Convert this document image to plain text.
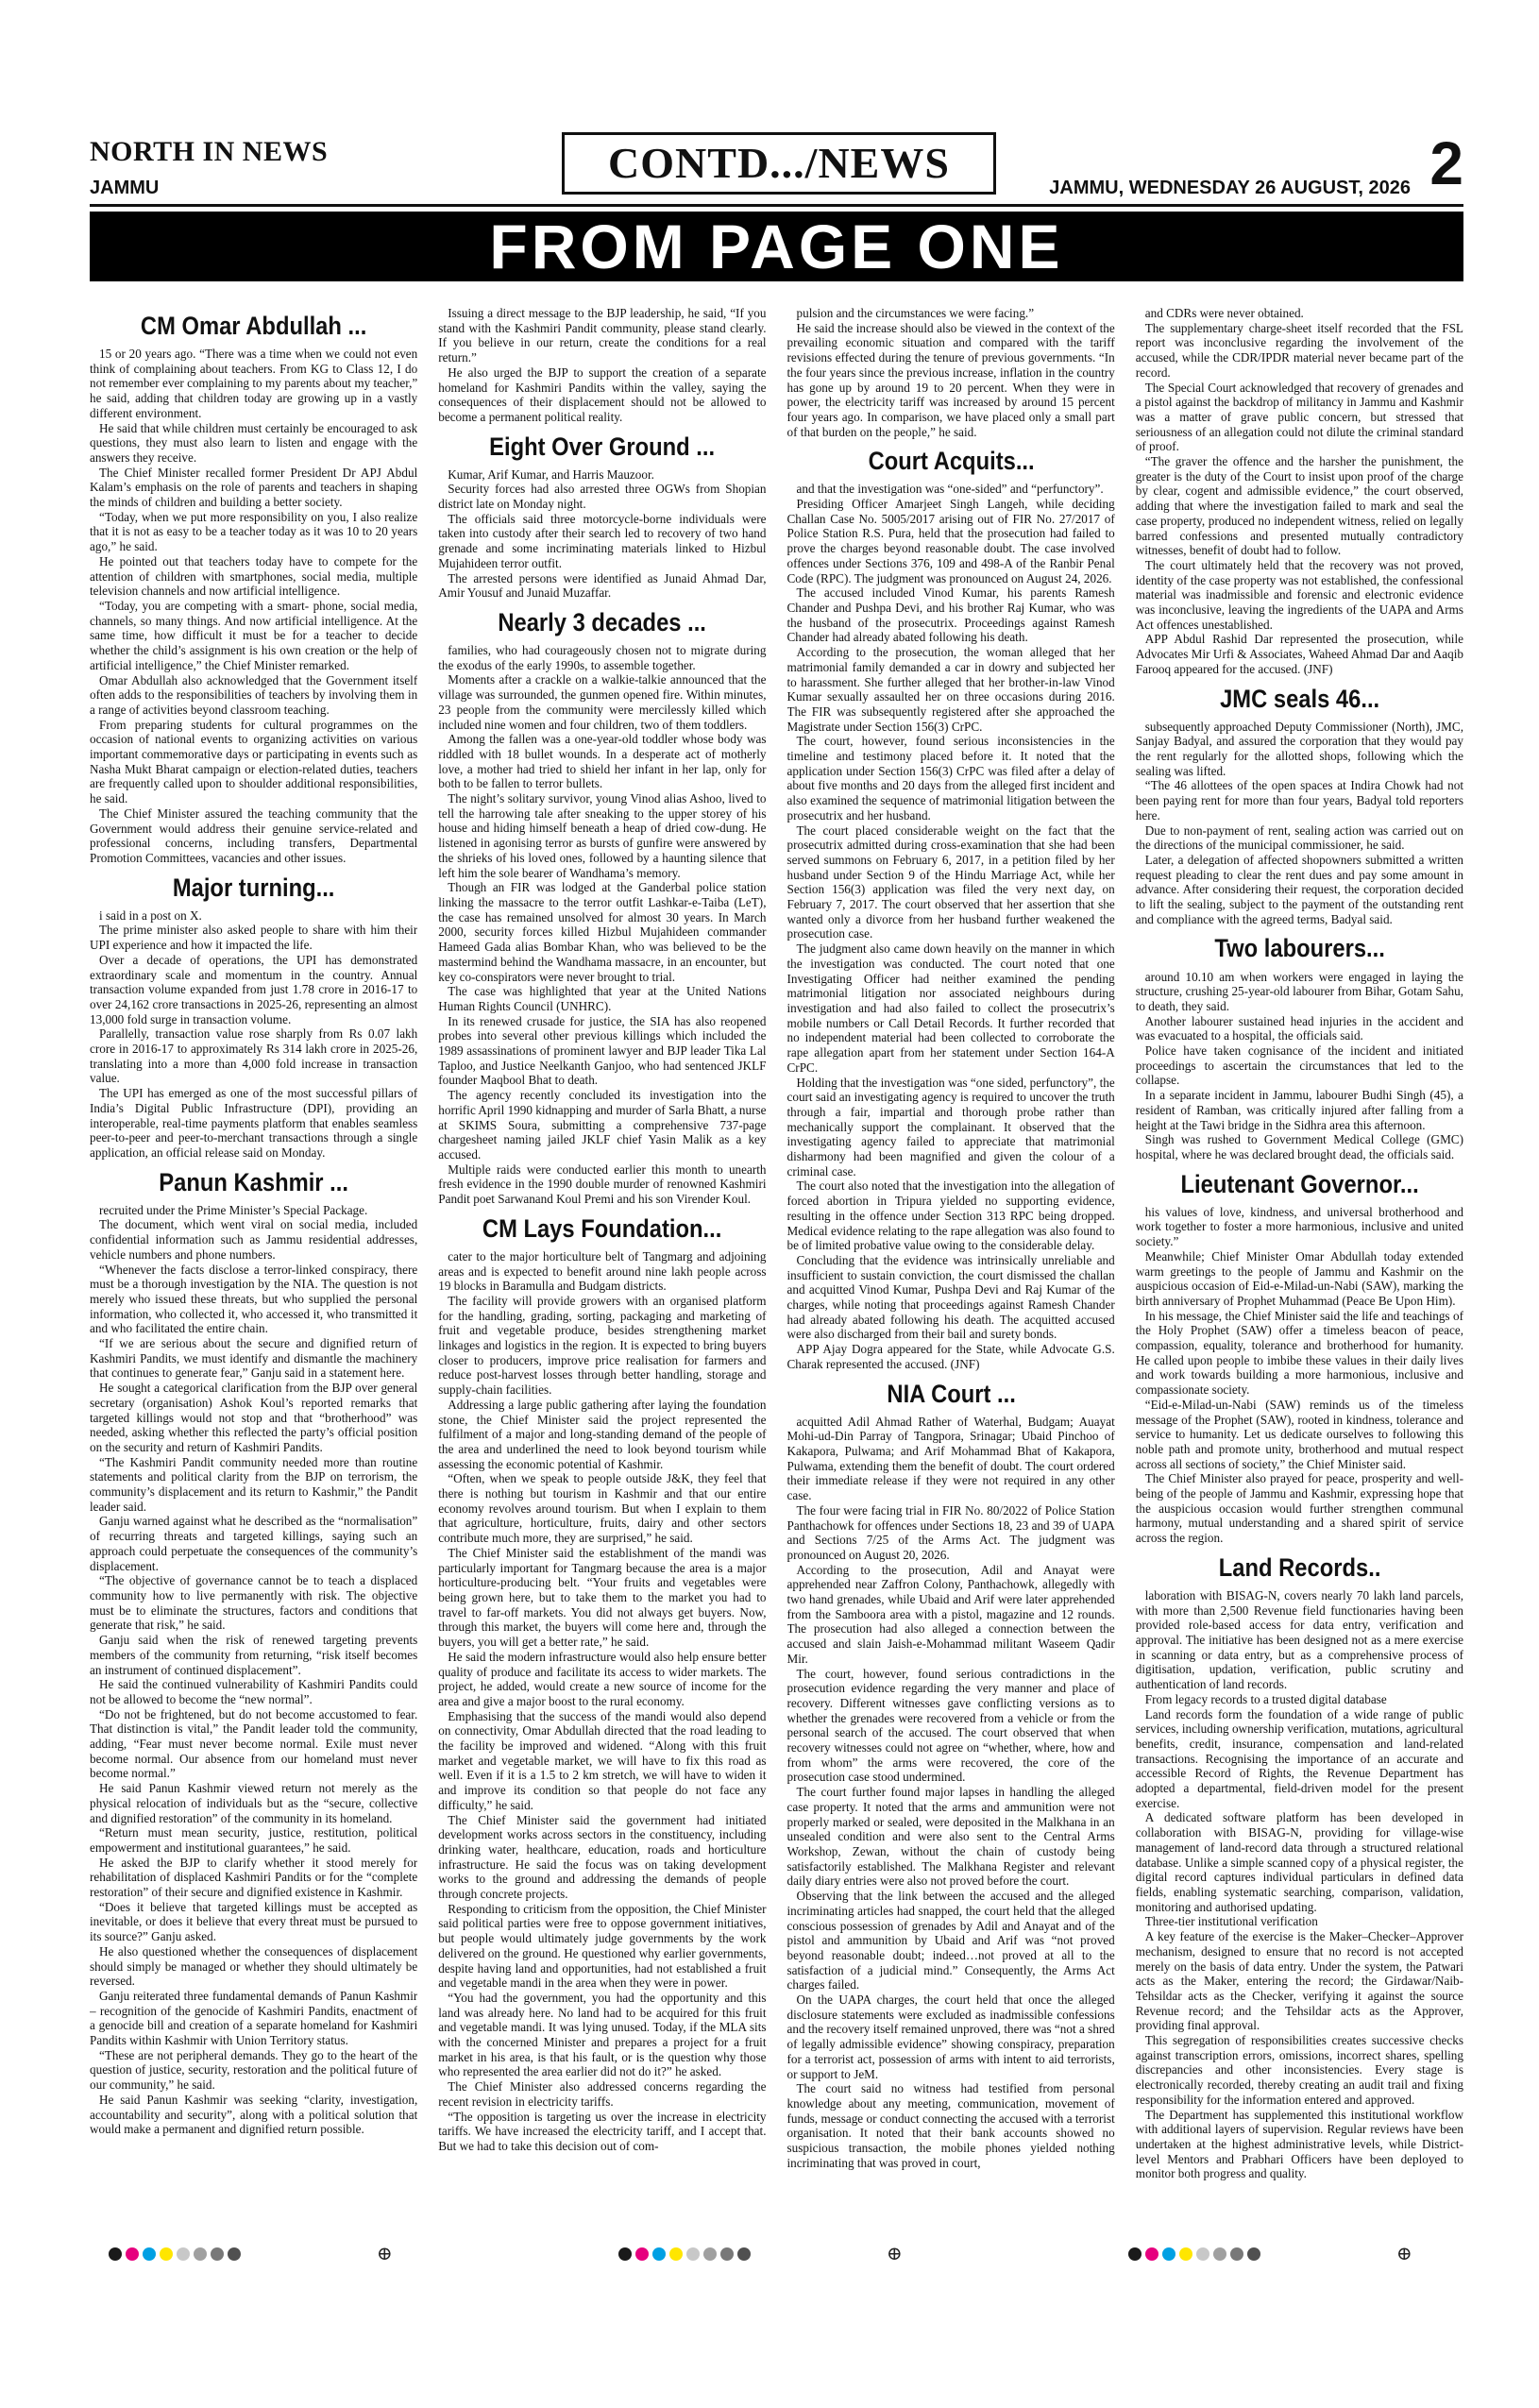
NORTH IN NEWS
JAMMU
CONTD.../NEWS
JAMMU, WEDNESDAY 26 AUGUST, 2026 2
FROM PAGE ONE
CM Omar Abdullah ...

15 or 20 years ago. “There was a time when we could not even think of complaining about teachers. From KG to Class 12, I do not remember ever complaining to my parents about my teacher,” he said, adding that children today are growing up in a vastly different environment.

He said that while children must certainly be encouraged to ask questions, they must also learn to listen and engage with the answers they receive.

The Chief Minister recalled former President Dr APJ Abdul Kalam’s emphasis on the role of parents and teachers in shaping the minds of children and building a better society.

“Today, when we put more responsibility on you, I also realize that it is not as easy to be a teacher today as it was 10 to 20 years ago,” he said.

He pointed out that teachers today have to compete for the attention of children with smartphones, social media, multiple television channels and now artificial intelligence.

“Today, you are competing with a smart- phone, social media, channels, so many things. And now artificial intelligence. At the same time, how difficult it must be for a teacher to decide whether the child’s assignment is his own creation or the help of artificial intelligence,” the Chief Minister remarked.

Omar Abdullah also acknowledged that the Government itself often adds to the responsibilities of teachers by involving them in a range of activities beyond classroom teaching.

From preparing students for cultural programmes on the occasion of national events to organizing activities on various important commemorative days or participating in events such as Nasha Mukt Bharat campaign or election-related duties, teachers are frequently called upon to shoulder additional responsibilities, he said.

The Chief Minister assured the teaching community that the Government would address their genuine service-related and professional concerns, including transfers, Departmental Promotion Committees, vacancies and other issues.

Major turning...

i said in a post on X.

The prime minister also asked people to share with him their UPI experience and how it impacted the life.

Over a decade of operations, the UPI has demonstrated extraordinary scale and momentum in the country. Annual transaction volume expanded from just 1.78 crore in 2016-17 to over 24,162 crore transactions in 2025-26, representing an almost 13,000 fold surge in transaction volume.

Parallelly, transaction value rose sharply from Rs 0.07 lakh crore in 2016-17 to approximately Rs 314 lakh crore in 2025-26, translating into a more than 4,000 fold increase in transaction value.

The UPI has emerged as one of the most successful pillars of India’s Digital Public Infrastructure (DPI), providing an interoperable, real-time payments platform that enables seamless peer-to-peer and peer-to-merchant transactions through a single application, an official release said on Monday.

Panun Kashmir ...

recruited under the Prime Minister’s Special Package.

The document, which went viral on social media, included confidential information such as Jammu residential addresses, vehicle numbers and phone numbers.

“Whenever the facts disclose a terror-linked conspiracy, there must be a thorough investigation by the NIA. The question is not merely who issued these threats, but who supplied the personal information, who collected it, who accessed it, who transmitted it and who facilitated the entire chain.

“If we are serious about the secure and dignified return of Kashmiri Pandits, we must identify and dismantle the machinery that continues to generate fear,” Ganju said in a statement here.

He sought a categorical clarification from the BJP over general secretary (organisation) Ashok Koul’s reported remarks that targeted killings would not stop and that “brotherhood” was needed, asking whether this reflected the party’s official position on the security and return of Kashmiri Pandits.

“The Kashmiri Pandit community needed more than routine statements and political clarity from the BJP on terrorism, the community’s displacement and its return to Kashmir,” the Pandit leader said.

Ganju warned against what he described as the “normalisation” of recurring threats and targeted killings, saying such an approach could perpetuate the consequences of the community’s displacement.

“The objective of governance cannot be to teach a displaced community how to live permanently with risk. The objective must be to eliminate the structures, factors and conditions that generate that risk,” he said.

Ganju said when the risk of renewed targeting prevents members of the community from returning, “risk itself becomes an instrument of continued displacement”.

He said the continued vulnerability of Kashmiri Pandits could not be allowed to become the “new normal”.

“Do not be frightened, but do not become accustomed to fear. That distinction is vital,” the Pandit leader told the community, adding, “Fear must never become normal. Exile must never become normal. Our absence from our homeland must never become normal.”

He said Panun Kashmir viewed return not merely as the physical relocation of individuals but as the “secure, collective and dignified restoration” of the community in its homeland.

“Return must mean security, justice, restitution, political empowerment and institutional guarantees,” he said.

He asked the BJP to clarify whether it stood merely for rehabilitation of displaced Kashmiri Pandits or for the “complete restoration” of their secure and dignified existence in Kashmir.

“Does it believe that targeted killings must be accepted as inevitable, or does it believe that every threat must be pursued to its source?” Ganju asked.

He also questioned whether the consequences of displacement should simply be managed or whether they should ultimately be reversed.

Ganju reiterated three fundamental demands of Panun Kashmir – recognition of the genocide of Kashmiri Pandits, enactment of a genocide bill and creation of a separate homeland for Kashmiri Pandits within Kashmir with Union Territory status.

“These are not peripheral demands. They go to the heart of the question of justice, security, restoration and the political future of our community,” he said.

He said Panun Kashmir was seeking “clarity, investigation, accountability and security”, along with a political solution that would make a permanent and dignified return possible.

Issuing a direct message to the BJP leadership, he said, “If you stand with the Kashmiri Pandit community, please stand clearly. If you believe in our return, create the conditions for a real return.”

He also urged the BJP to support the creation of a separate homeland for Kashmiri Pandits within the valley, saying the consequences of their displacement should not be allowed to become a permanent political reality.

Eight Over Ground ...

Kumar, Arif Kumar, and Harris Mauzoor.

Security forces had also arrested three OGWs from Shopian district late on Monday night.

The officials said three motorcycle-borne individuals were taken into custody after their search led to recovery of two hand grenade and some incriminating materials linked to Hizbul Mujahideen terror outfit.

The arrested persons were identified as Junaid Ahmad Dar, Amir Yousuf and Junaid Muzaffar.

Nearly 3 decades ...

families, who had courageously chosen not to migrate during the exodus of the early 1990s, to assemble together.

Moments after a crackle on a walkie-talkie announced that the village was surrounded, the gunmen opened fire. Within minutes, 23 people from the community were mercilessly killed which included nine women and four children, two of them toddlers.

Among the fallen was a one-year-old toddler whose body was riddled with 18 bullet wounds. In a desperate act of motherly love, a mother had tried to shield her infant in her lap, only for both to be fallen to terror bullets.

The night’s solitary survivor, young Vinod alias Ashoo, lived to tell the harrowing tale after sneaking to the upper storey of his house and hiding himself beneath a heap of dried cow-dung. He listened in agonising terror as bursts of gunfire were answered by the shrieks of his loved ones, followed by a haunting silence that left him the sole bearer of Wandhama’s memory.

Though an FIR was lodged at the Ganderbal police station linking the massacre to the terror outfit Lashkar-e-Taiba (LeT), the case has remained unsolved for almost 30 years. In March 2000, security forces killed Hizbul Mujahideen commander Hameed Gada alias Bombar Khan, who was believed to be the mastermind behind the Wandhama massacre, in an encounter, but key co-conspirators were never brought to trial.

The case was highlighted that year at the United Nations Human Rights Council (UNHRC).

In its renewed crusade for justice, the SIA has also reopened probes into several other previous killings which included the 1989 assassinations of prominent lawyer and BJP leader Tika Lal Taploo, and Justice Neelkanth Ganjoo, who had sentenced JKLF founder Maqbool Bhat to death.

The agency recently concluded its investigation into the horrific April 1990 kidnapping and murder of Sarla Bhatt, a nurse at SKIMS Soura, submitting a comprehensive 737-page chargesheet naming jailed JKLF chief Yasin Malik as a key accused.

Multiple raids were conducted earlier this month to unearth fresh evidence in the 1990 double murder of renowned Kashmiri Pandit poet Sarwanand Koul Premi and his son Virender Koul.

CM Lays Foundation...

cater to the major horticulture belt of Tangmarg and adjoining areas and is expected to benefit around nine lakh people across 19 blocks in Baramulla and Budgam districts.

The facility will provide growers with an organised platform for the handling, grading, sorting, packaging and marketing of fruit and vegetable produce, besides strengthening market linkages and logistics in the region. It is expected to bring buyers closer to producers, improve price realisation for farmers and reduce post-harvest losses through better handling, storage and supply-chain facilities.

Addressing a large public gathering after laying the foundation stone, the Chief Minister said the project represented the fulfilment of a major and long-standing demand of the people of the area and underlined the need to look beyond tourism while assessing the economic potential of Kashmir.

“Often, when we speak to people outside J&K, they feel that there is nothing but tourism in Kashmir and that our entire economy revolves around tourism. But when I explain to them that agriculture, horticulture, fruits, dairy and other sectors contribute much more, they are surprised,” he said.

The Chief Minister said the establishment of the mandi was particularly important for Tangmarg because the area is a major horticulture-producing belt. “Your fruits and vegetables were being grown here, but to take them to the market you had to travel to far-off markets. You did not always get buyers. Now, through this market, the buyers will come here and, through the buyers, you will get a better rate,” he said.

He said the modern infrastructure would also help ensure better quality of produce and facilitate its access to wider markets. The project, he added, would create a new source of income for the area and give a major boost to the rural economy.

Emphasising that the success of the mandi would also depend on connectivity, Omar Abdullah directed that the road leading to the facility be improved and widened. “Along with this fruit market and vegetable market, we will have to fix this road as well. Even if it is a 1.5 to 2 km stretch, we will have to widen it and improve its condition so that people do not face any difficulty,” he said.

The Chief Minister said the government had initiated development works across sectors in the constituency, including drinking water, healthcare, education, roads and horticulture infrastructure. He said the focus was on taking development works to the ground and addressing the demands of people through concrete projects.

Responding to criticism from the opposition, the Chief Minister said political parties were free to oppose government initiatives, but people would ultimately judge governments by the work delivered on the ground. He questioned why earlier governments, despite having land and opportunities, had not established a fruit and vegetable mandi in the area when they were in power.

“You had the government, you had the opportunity and this land was already here. No land had to be acquired for this fruit and vegetable mandi. It was lying unused. Today, if the MLA sits with the concerned Minister and prepares a project for a fruit market in his area, is that his fault, or is the question why those who represented the area earlier did not do it?” he asked.

The Chief Minister also addressed concerns regarding the recent revision in electricity tariffs.

“The opposition is targeting us over the increase in electricity tariffs. We have increased the electricity tariff, and I accept that. But we had to take this decision out of com-

pulsion and the circumstances we were facing.”

He said the increase should also be viewed in the context of the prevailing economic situation and compared with the tariff revisions effected during the tenure of previous governments. “In the four years since the previous increase, inflation in the country has gone up by around 19 to 20 percent. When they were in power, the electricity tariff was increased by around 15 percent four years ago. In comparison, we have placed only a small part of that burden on the people,” he said.

Court Acquits...

and that the investigation was “one-sided” and “perfunctory”.

Presiding Officer Amarjeet Singh Langeh, while deciding Challan Case No. 5005/2017 arising out of FIR No. 27/2017 of Police Station R.S. Pura, held that the prosecution had failed to prove the charges beyond reasonable doubt. The case involved offences under Sections 376, 109 and 498-A of the Ranbir Penal Code (RPC). The judgment was pronounced on August 24, 2026.

The accused included Vinod Kumar, his parents Ramesh Chander and Pushpa Devi, and his brother Raj Kumar, who was the husband of the prosecutrix. Proceedings against Ramesh Chander had already abated following his death.

According to the prosecution, the woman alleged that her matrimonial family demanded a car in dowry and subjected her to harassment. She further alleged that her brother-in-law Vinod Kumar sexually assaulted her on three occasions during 2016. The FIR was subsequently registered after she approached the Magistrate under Section 156(3) CrPC.

The court, however, found serious inconsistencies in the timeline and testimony placed before it. It noted that the application under Section 156(3) CrPC was filed after a delay of about five months and 20 days from the alleged first incident and also examined the sequence of matrimonial litigation between the prosecutrix and her husband.

The court placed considerable weight on the fact that the prosecutrix admitted during cross-examination that she had been served summons on February 6, 2017, in a petition filed by her husband under Section 9 of the Hindu Marriage Act, while her Section 156(3) application was filed the very next day, on February 7, 2017. The court observed that her assertion that she wanted only a divorce from her husband further weakened the prosecution case.

The judgment also came down heavily on the manner in which the investigation was conducted. The court noted that one Investigating Officer had neither examined the pending matrimonial litigation nor associated neighbours during investigation and had also failed to collect the prosecutrix’s mobile numbers or Call Detail Records. It further recorded that no independent material had been collected to corroborate the rape allegation apart from her statement under Section 164-A CrPC.

Holding that the investigation was “one sided, perfunctory”, the court said an investigating agency is required to uncover the truth through a fair, impartial and thorough probe rather than mechanically support the complainant. It observed that the investigating agency failed to appreciate that matrimonial disharmony had been magnified and given the colour of a criminal case.

The court also noted that the investigation into the allegation of forced abortion in Tripura yielded no supporting evidence, resulting in the offence under Section 313 RPC being dropped. Medical evidence relating to the rape allegation was also found to be of limited probative value owing to the considerable delay.

Concluding that the evidence was intrinsically unreliable and insufficient to sustain conviction, the court dismissed the challan and acquitted Vinod Kumar, Pushpa Devi and Raj Kumar of the charges, while noting that proceedings against Ramesh Chander had already abated following his death. The acquitted accused were also discharged from their bail and surety bonds.

APP Ajay Dogra appeared for the State, while Advocate G.S. Charak represented the accused. (JNF)

NIA Court ...

acquitted Adil Ahmad Rather of Waterhal, Budgam; Auayat Mohi-ud-Din Parray of Tangpora, Srinagar; Ubaid Pinchoo of Kakapora, Pulwama; and Arif Mohammad Bhat of Kakapora, Pulwama, extending them the benefit of doubt. The court ordered their immediate release if they were not required in any other case.

The four were facing trial in FIR No. 80/2022 of Police Station Panthachowk for offences under Sections 18, 23 and 39 of UAPA and Sections 7/25 of the Arms Act. The judgment was pronounced on August 20, 2026.

According to the prosecution, Adil and Anayat were apprehended near Zaffron Colony, Panthachowk, allegedly with two hand grenades, while Ubaid and Arif were later apprehended from the Samboora area with a pistol, magazine and 12 rounds. The prosecution had also alleged a connection between the accused and slain Jaish-e-Mohammad militant Waseem Qadir Mir.

The court, however, found serious contradictions in the prosecution evidence regarding the very manner and place of recovery. Different witnesses gave conflicting versions as to whether the grenades were recovered from a vehicle or from the personal search of the accused. The court observed that when recovery witnesses could not agree on “whether, where, how and from whom” the arms were recovered, the core of the prosecution case stood undermined.

The court further found major lapses in handling the alleged case property. It noted that the arms and ammunition were not properly marked or sealed, were deposited in the Malkhana in an unsealed condition and were also sent to the Central Arms Workshop, Zewan, without the chain of custody being satisfactorily established. The Malkhana Register and relevant daily diary entries were also not proved before the court.

Observing that the link between the accused and the alleged incriminating articles had snapped, the court held that the alleged conscious possession of grenades by Adil and Anayat and of the pistol and ammunition by Ubaid and Arif was “not proved beyond reasonable doubt; indeed…not proved at all to the satisfaction of a judicial mind.” Consequently, the Arms Act charges failed.

On the UAPA charges, the court held that once the alleged disclosure statements were excluded as inadmissible confessions and the recovery itself remained unproved, there was “not a shred of legally admissible evidence” showing conspiracy, preparation for a terrorist act, possession of arms with intent to aid terrorists, or support to JeM.

The court said no witness had testified from personal knowledge about any meeting, communication, movement of funds, message or conduct connecting the accused with a terrorist organisation. It noted that their bank accounts showed no suspicious transaction, the mobile phones yielded nothing incriminating that was proved in court,

and CDRs were never obtained.

The supplementary charge-sheet itself recorded that the FSL report was inconclusive regarding the involvement of the accused, while the CDR/IPDR material never became part of the record.

The Special Court acknowledged that recovery of grenades and a pistol against the backdrop of militancy in Jammu and Kashmir was a matter of grave public concern, but stressed that seriousness of an allegation could not dilute the criminal standard of proof.

“The graver the offence and the harsher the punishment, the greater is the duty of the Court to insist upon proof of the charge by clear, cogent and admissible evidence,” the court observed, adding that where the investigation failed to mark and seal the case property, produced no independent witness, relied on legally barred confessions and presented mutually contradictory witnesses, benefit of doubt had to follow.

The court ultimately held that the recovery was not proved, identity of the case property was not established, the confessional material was inadmissible and forensic and electronic evidence was inconclusive, leaving the ingredients of the UAPA and Arms Act offences unestablished.

APP Abdul Rashid Dar represented the prosecution, while Advocates Mir Urfi & Associates, Waheed Ahmad Dar and Aaqib Farooq appeared for the accused. (JNF)

JMC seals 46...

subsequently approached Deputy Commissioner (North), JMC, Sanjay Badyal, and assured the corporation that they would pay the rent regularly for the allotted shops, following which the sealing was lifted.

“The 46 allottees of the open spaces at Indira Chowk had not been paying rent for more than four years, Badyal told reporters here.

Due to non-payment of rent, sealing action was carried out on the directions of the municipal commissioner, he said.

Later, a delegation of affected shopowners submitted a written request pleading to clear the rent dues and pay some amount in advance. After considering their request, the corporation decided to lift the sealing, subject to the payment of the outstanding rent and compliance with the agreed terms, Badyal said.

Two labourers...

around 10.10 am when workers were engaged in laying the structure, crushing 25-year-old labourer from Bihar, Gotam Sahu, to death, they said.

Another labourer sustained head injuries in the accident and was evacuated to a hospital, the officials said.

Police have taken cognisance of the incident and initiated proceedings to ascertain the circumstances that led to the collapse.

In a separate incident in Jammu, labourer Budhi Singh (45), a resident of Ramban, was critically injured after falling from a height at the Tawi bridge in the Sidhra area this afternoon.

Singh was rushed to Government Medical College (GMC) hospital, where he was declared brought dead, the officials said.

Lieutenant Governor...

his values of love, kindness, and universal brotherhood and work together to foster a more harmonious, inclusive and united society.”

Meanwhile; Chief Minister Omar Abdullah today extended warm greetings to the people of Jammu and Kashmir on the auspicious occasion of Eid-e-Milad-un-Nabi (SAW), marking the birth anniversary of Prophet Muhammad (Peace Be Upon Him).

In his message, the Chief Minister said the life and teachings of the Holy Prophet (SAW) offer a timeless beacon of peace, compassion, equality, tolerance and brotherhood for humanity. He called upon people to imbibe these values in their daily lives and work towards building a more harmonious, inclusive and compassionate society.

“Eid-e-Milad-un-Nabi (SAW) reminds us of the timeless message of the Prophet (SAW), rooted in kindness, tolerance and service to humanity. Let us dedicate ourselves to following this noble path and promote unity, brotherhood and mutual respect across all sections of society,” the Chief Minister said.

The Chief Minister also prayed for peace, prosperity and well-being of the people of Jammu and Kashmir, expressing hope that the auspicious occasion would further strengthen communal harmony, mutual understanding and a shared spirit of service across the region.

Land Records..

laboration with BISAG-N, covers nearly 70 lakh land parcels, with more than 2,500 Revenue field functionaries having been provided role-based access for data entry, verification and approval. The initiative has been designed not as a mere exercise in scanning or data entry, but as a comprehensive process of digitisation, updation, verification, public scrutiny and authentication of land records.

From legacy records to a trusted digital database

Land records form the foundation of a wide range of public services, including ownership verification, mutations, agricultural benefits, credit, insurance, compensation and land-related transactions. Recognising the importance of an accurate and accessible Record of Rights, the Revenue Department has adopted a departmental, field-driven model for the present exercise.

A dedicated software platform has been developed in collaboration with BISAG-N, providing for village-wise management of land-record data through a structured relational database. Unlike a simple scanned copy of a physical register, the digital record captures individual particulars in defined data fields, enabling systematic searching, comparison, validation, monitoring and authorised updating.

Three-tier institutional verification

A key feature of the exercise is the Maker–Checker–Approver mechanism, designed to ensure that no record is not accepted merely on the basis of data entry. Under the system, the Patwari acts as the Maker, entering the record; the Girdawar/Naib-Tehsildar acts as the Checker, verifying it against the source Revenue record; and the Tehsildar acts as the Approver, providing final approval.

This segregation of responsibilities creates successive checks against transcription errors, omissions, incorrect shares, spelling discrepancies and other inconsistencies. Every stage is electronically recorded, thereby creating an audit trail and fixing responsibility for the information entered and approved.

The Department has supplemented this institutional workflow with additional layers of supervision. Regular reviews have been undertaken at the highest administrative levels, while District-level Mentors and Prabhari Officers have been deployed to monitor both progress and quality.

⊕	⊕	⊕
